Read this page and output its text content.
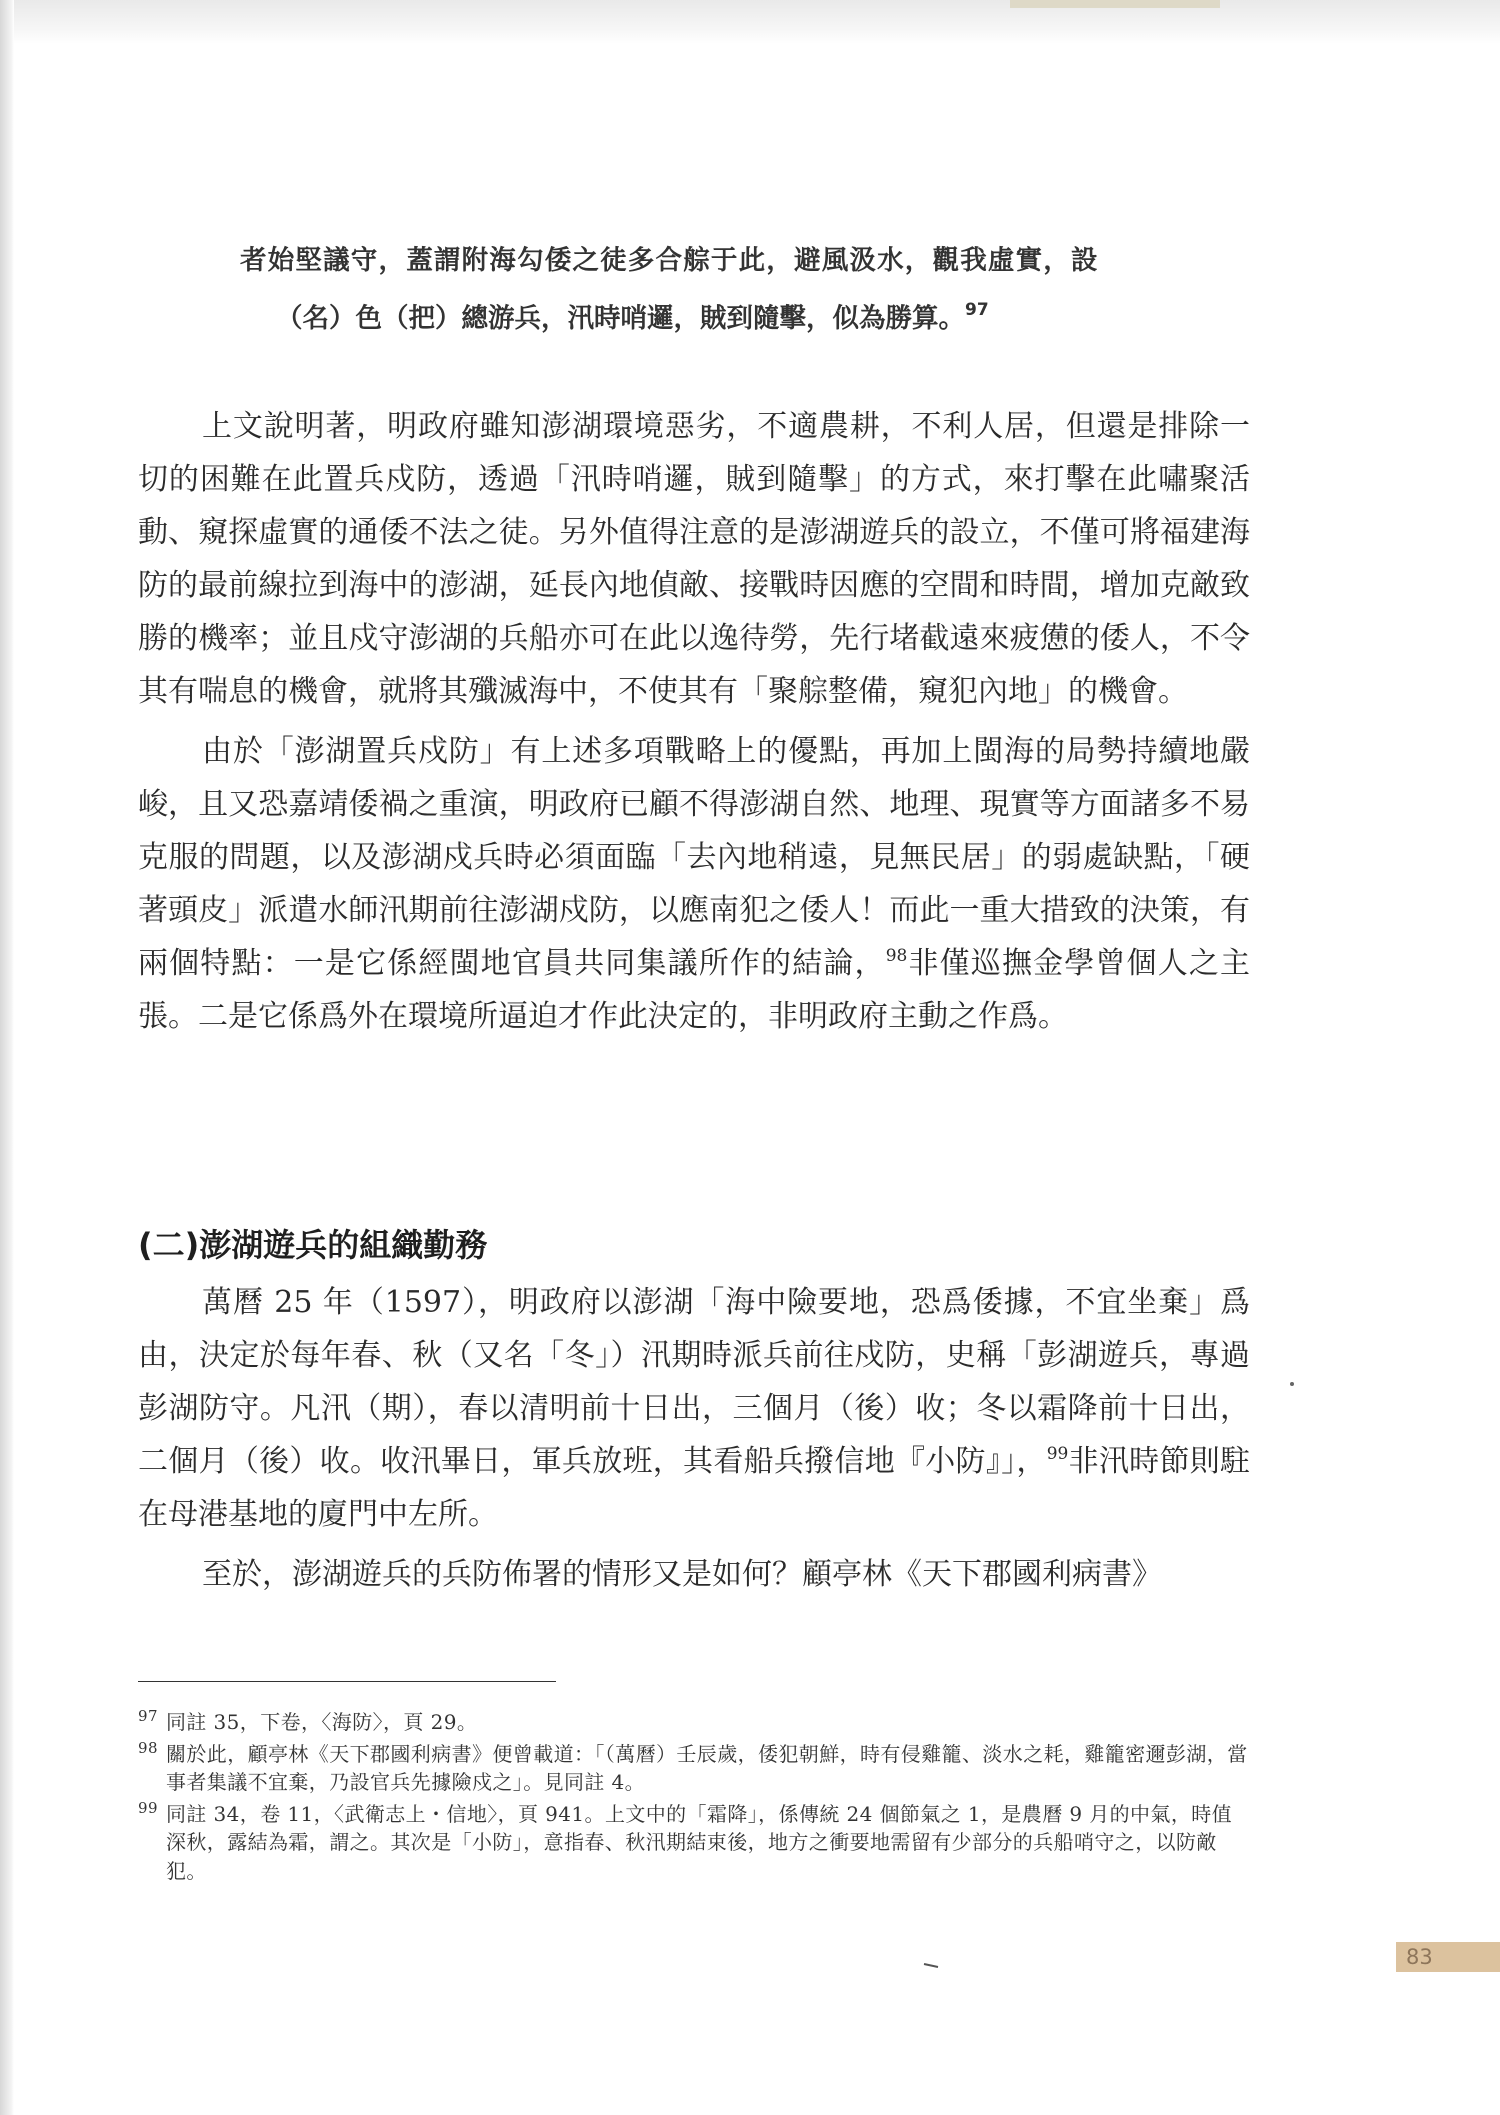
者始堅議守，蓋謂附海勾倭之徒多合䑸于此，避風汲水，觀我虛實，設

（名）色（把）總游兵，汛時哨邏，賊到隨擊，似為勝算。$^{97}$

上文說明著，明政府雖知澎湖環境惡劣，不適農耕，不利人居，但還是排除一切的困難在此置兵戍防，透過「汛時哨邏，賊到隨擊」的方式，來打擊在此嘯聚活動、窺探虛實的通倭不法之徒。另外值得注意的是澎湖遊兵的設立，不僅可將福建海防的最前線拉到海中的澎湖，延長內地偵敵、接戰時因應的空間和時間，增加克敵致勝的機率；並且戍守澎湖的兵船亦可在此以逸待勞，先行堵截遠來疲憊的倭人，不令其有喘息的機會，就將其殲滅海中，不使其有「聚䑸整備，窺犯內地」的機會。

由於「澎湖置兵戍防」有上述多項戰略上的優點，再加上閩海的局勢持續地嚴峻，且又恐嘉靖倭禍之重演，明政府已顧不得澎湖自然、地理、現實等方面諸多不易克服的問題，以及澎湖戍兵時必須面臨「去內地稍遠，見無民居」的弱處缺點，「硬著頭皮」派遣水師汛期前往澎湖戍防，以應南犯之倭人！而此一重大措致的決策，有兩個特點：一是它係經閩地官員共同集議所作的結論，$^{98}$非僅巡撫金學曾個人之主張。二是它係爲外在環境所逼迫才作此決定的，非明政府主動之作爲。

(二)澎湖遊兵的組織勤務

萬曆 25 年（1597），明政府以澎湖「海中險要地，恐爲倭據，不宜坐棄」爲由，決定於每年春、秋（又名「冬」）汛期時派兵前往戍防，史稱「彭湖遊兵，專過彭湖防守。凡汛（期），春以清明前十日出，三個月（後）收；冬以霜降前十日出，二個月（後）收。收汛畢日，軍兵放班，其看船兵撥信地『小防』」，$^{99}$非汛時節則駐在母港基地的廈門中左所。

至於，澎湖遊兵的兵防佈署的情形又是如何？顧亭林《天下郡國利病書》

97 同註 35，下卷，〈海防〉，頁 29。
98 關於此，顧亭林《天下郡國利病書》便曾載道：「（萬曆）壬辰歲，倭犯朝鮮，時有侵雞籠、淡水之耗，雞籠密邇彭湖，當事者集議不宜棄，乃設官兵先據險戍之」。見同註 4。
99 同註 34，卷 11，〈武衛志上・信地〉，頁 941。上文中的「霜降」，係傳統 24 個節氣之 1，是農曆 9 月的中氣，時值深秋，露結為霜，謂之。其次是「小防」，意指春、秋汛期結束後，地方之衝要地需留有少部分的兵船哨守之，以防敵犯。
83
